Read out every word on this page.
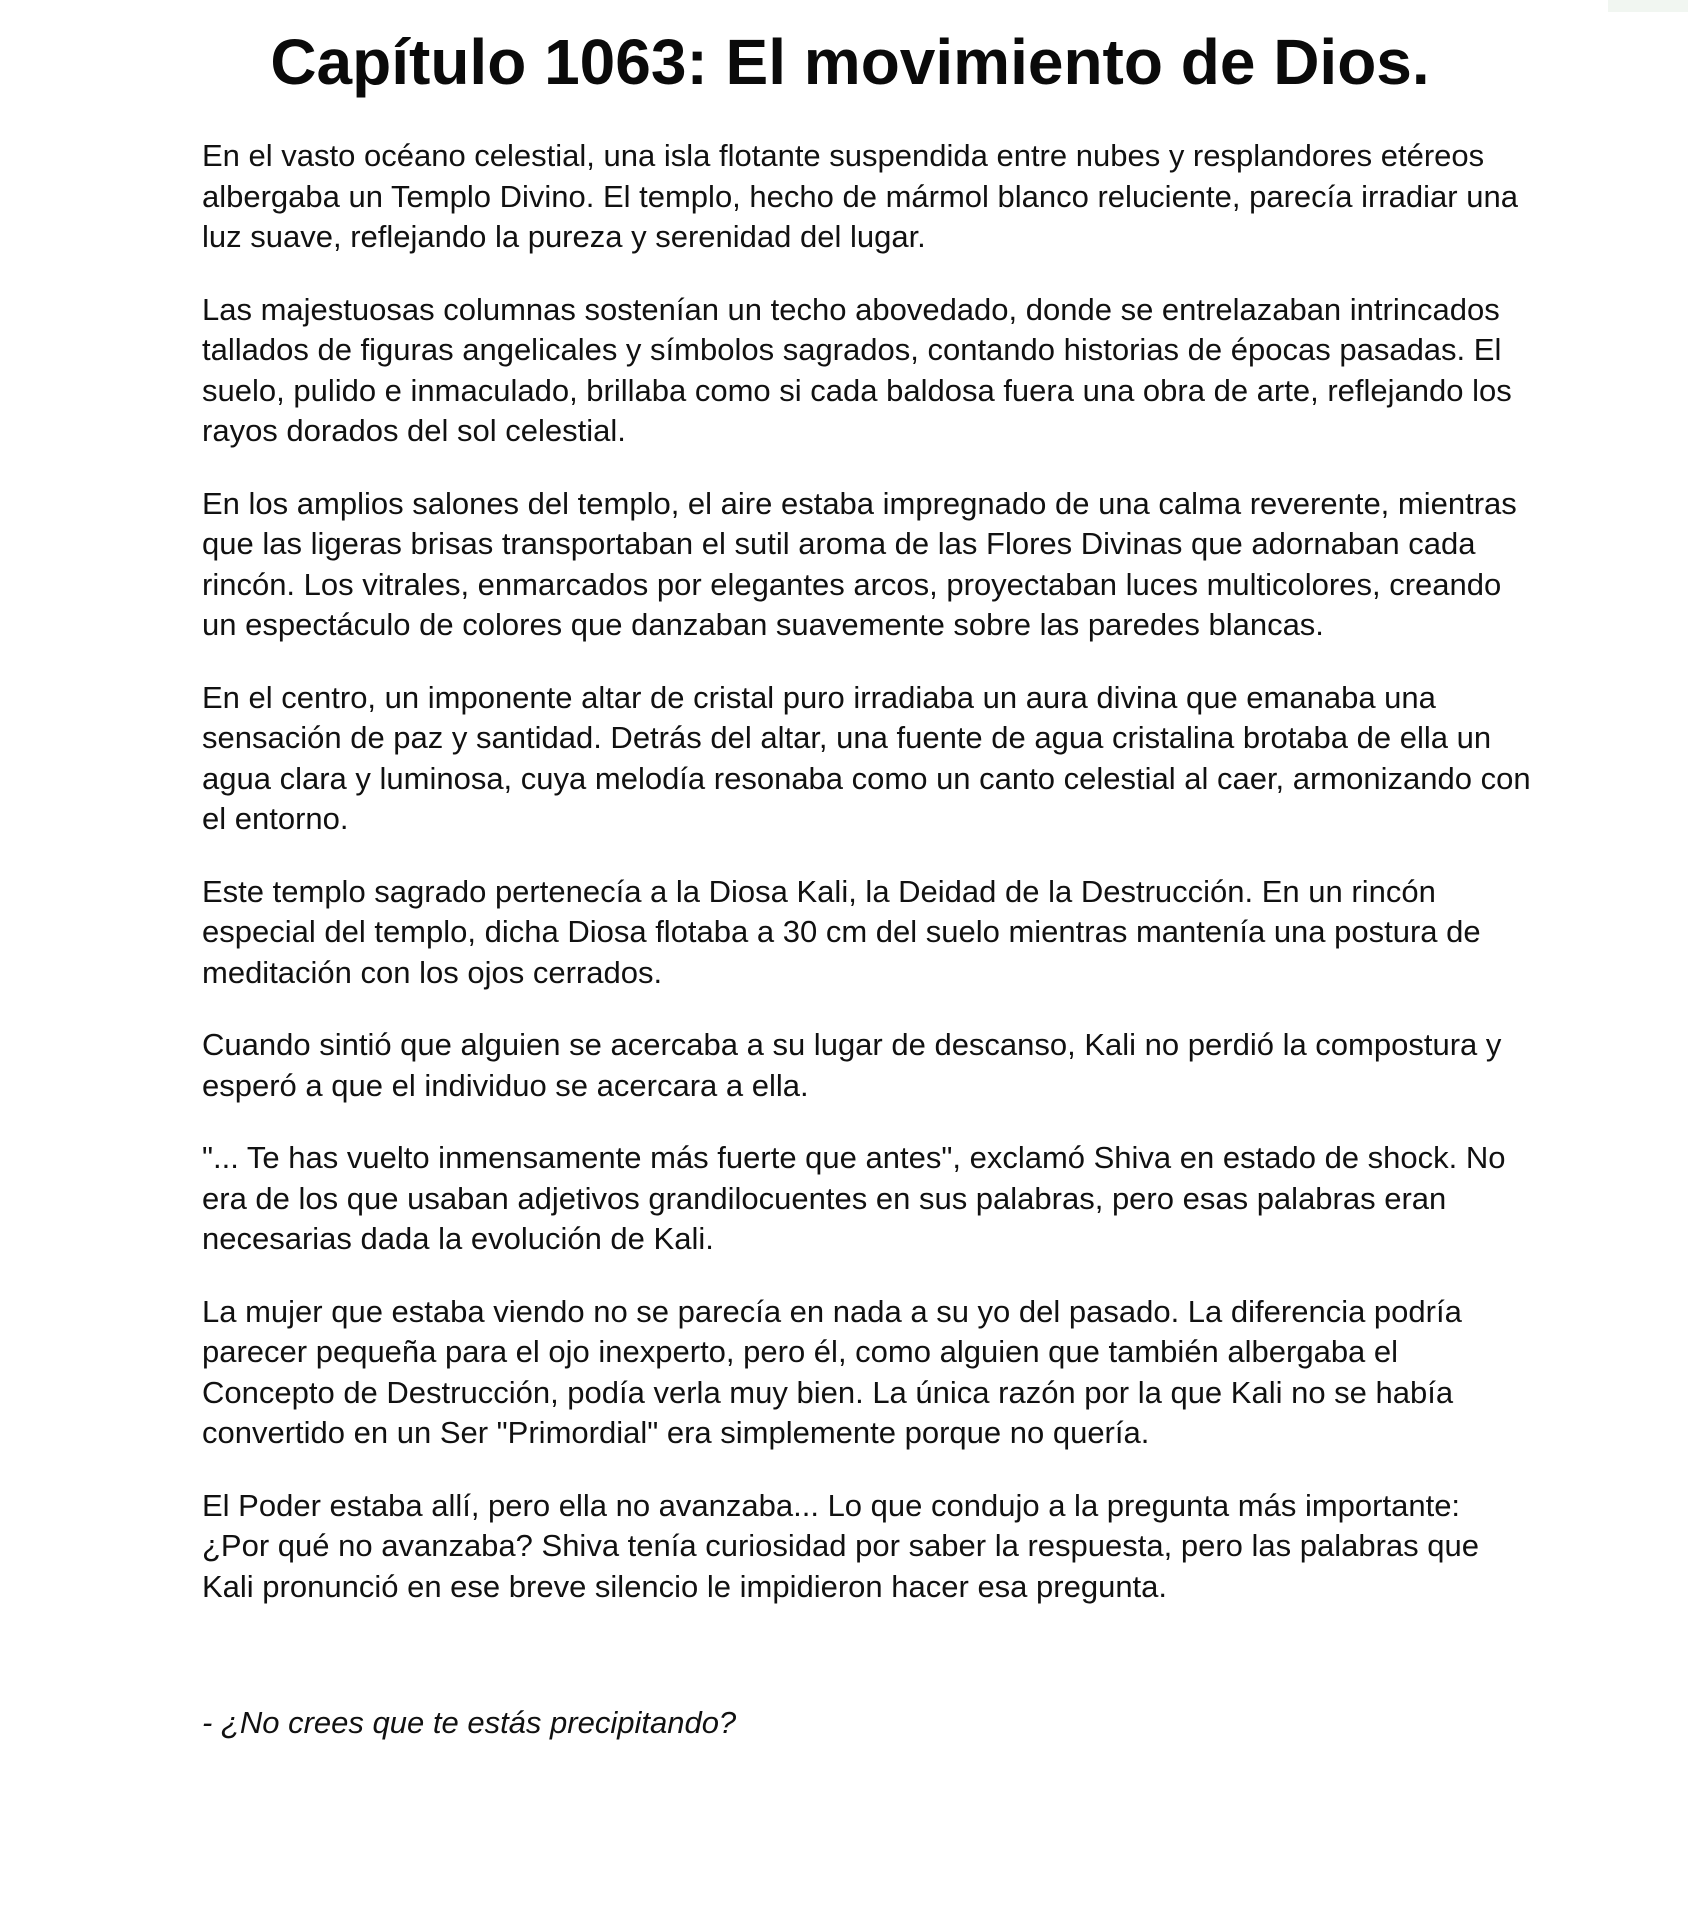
Capítulo 1063: El movimiento de Dios.

En el vasto océano celestial, una isla flotante suspendida entre nubes y resplandores etéreos albergaba un Templo Divino. El templo, hecho de mármol blanco reluciente, parecía irradiar una luz suave, reflejando la pureza y serenidad del lugar.

Las majestuosas columnas sostenían un techo abovedado, donde se entrelazaban intrincados tallados de figuras angelicales y símbolos sagrados, contando historias de épocas pasadas. El suelo, pulido e inmaculado, brillaba como si cada baldosa fuera una obra de arte, reflejando los rayos dorados del sol celestial.

En los amplios salones del templo, el aire estaba impregnado de una calma reverente, mientras que las ligeras brisas transportaban el sutil aroma de las Flores Divinas que adornaban cada rincón. Los vitrales, enmarcados por elegantes arcos, proyectaban luces multicolores, creando un espectáculo de colores que danzaban suavemente sobre las paredes blancas.

En el centro, un imponente altar de cristal puro irradiaba un aura divina que emanaba una sensación de paz y santidad. Detrás del altar, una fuente de agua cristalina brotaba de ella un agua clara y luminosa, cuya melodía resonaba como un canto celestial al caer, armonizando con el entorno.

Este templo sagrado pertenecía a la Diosa Kali, la Deidad de la Destrucción. En un rincón especial del templo, dicha Diosa flotaba a 30 cm del suelo mientras mantenía una postura de meditación con los ojos cerrados.

Cuando sintió que alguien se acercaba a su lugar de descanso, Kali no perdió la compostura y esperó a que el individuo se acercara a ella.

"... Te has vuelto inmensamente más fuerte que antes", exclamó Shiva en estado de shock. No era de los que usaban adjetivos grandilocuentes en sus palabras, pero esas palabras eran necesarias dada la evolución de Kali.

La mujer que estaba viendo no se parecía en nada a su yo del pasado. La diferencia podría parecer pequeña para el ojo inexperto, pero él, como alguien que también albergaba el Concepto de Destrucción, podía verla muy bien. La única razón por la que Kali no se había convertido en un Ser "Primordial" era simplemente porque no quería.

El Poder estaba allí, pero ella no avanzaba... Lo que condujo a la pregunta más importante: ¿Por qué no avanzaba? Shiva tenía curiosidad por saber la respuesta, pero las palabras que Kali pronunció en ese breve silencio le impidieron hacer esa pregunta.

- ¿No crees que te estás precipitando?
